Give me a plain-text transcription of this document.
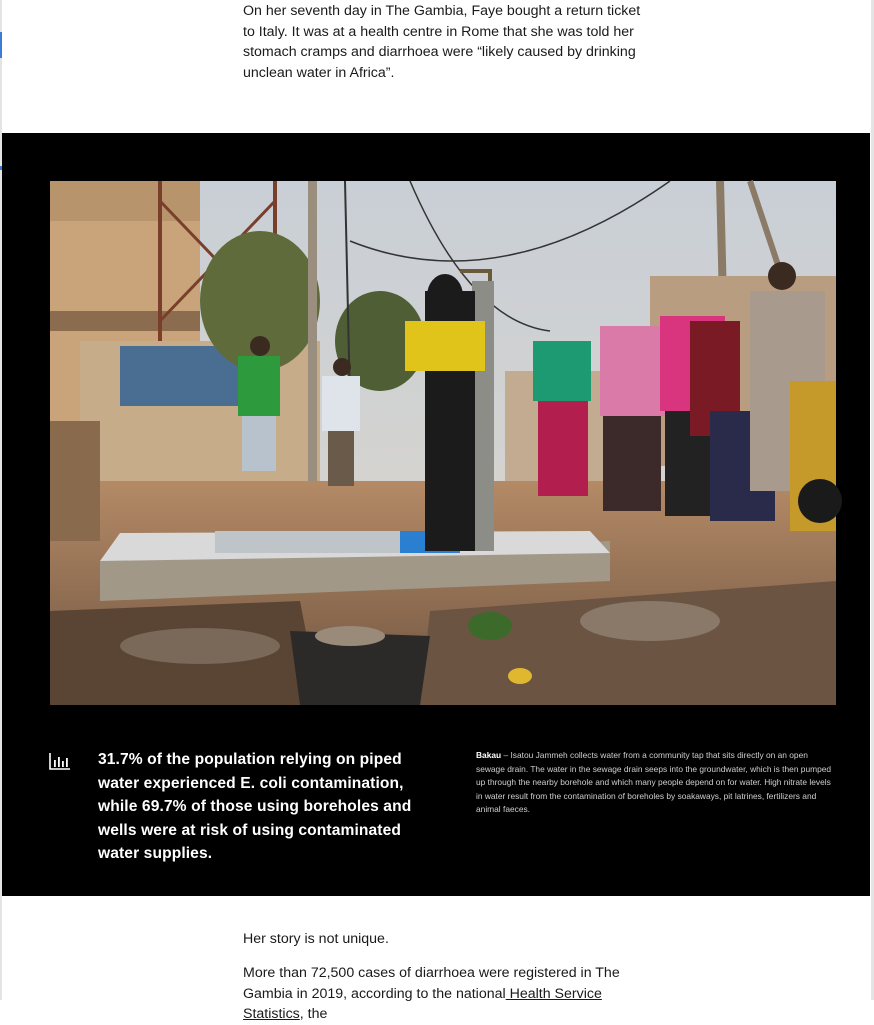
On her seventh day in The Gambia, Faye bought a return ticket to Italy. It was at a health centre in Rome that she was told her stomach cramps and diarrhoea were “likely caused by drinking unclean water in Africa”.

31.7% of the population relying on piped water experienced E. coli contamination, while 69.7% of those using boreholes and wells were at risk of using contaminated water supplies.

Bakau – Isatou Jammeh collects water from a community tap that sits directly on an open sewage drain. The water in the sewage drain seeps into the groundwater, which is then pumped up through the nearby borehole and which many people depend on for water. High nitrate levels in water result from the contamination of boreholes by soakaways, pit latrines, fertilizers and animal faeces.

Her story is not unique.

More than 72,500 cases of diarrhoea were registered in The Gambia in 2019, according to the national Health Service Statistics, the
